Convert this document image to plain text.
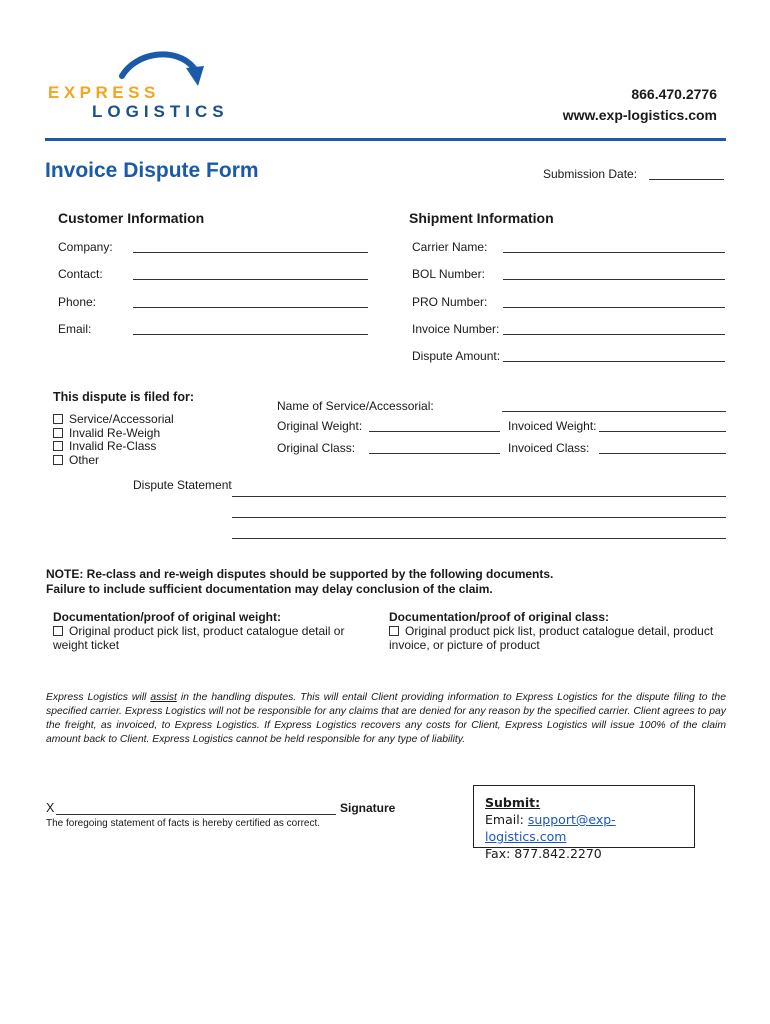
EXPRESS
LOGISTICS
866.470.2776
www.exp-logistics.com
Invoice Dispute Form	Submission Date:
Customer Information
Company:
Contact:
Phone:
Email:
Shipment Information
Carrier Name:
BOL Number:
PRO Number:
Invoice Number:
Dispute Amount:
This dispute is filed for:
Service/Accessorial
Invalid Re-Weigh
Invalid Re-Class
Other
Name of Service/Accessorial:
Original Weight:	Invoiced Weight:
Original Class:	Invoiced Class:
Dispute Statement
NOTE: Re-class and re-weigh disputes should be supported by the following documents.
Failure to include sufficient documentation may delay conclusion of the claim.
Documentation/proof of original weight:
Original product pick list, product catalogue detail or weight ticket
Documentation/proof of original class:
Original product pick list, product catalogue detail, product invoice, or picture of product
Express Logistics will assist in the handling disputes. This will entail Client providing information to Express Logistics for the dispute filing to the specified carrier. Express Logistics will not be responsible for any claims that are denied for any reason by the specified carrier. Client agrees to pay the freight, as invoiced, to Express Logistics. If Express Logistics recovers any costs for Client, Express Logistics will issue 100% of the claim amount back to Client. Express Logistics cannot be held responsible for any type of liability.
X	Signature
The foregoing statement of facts is hereby certified as correct.
Submit:
Email: support@exp-logistics.com
Fax: 877.842.2270
